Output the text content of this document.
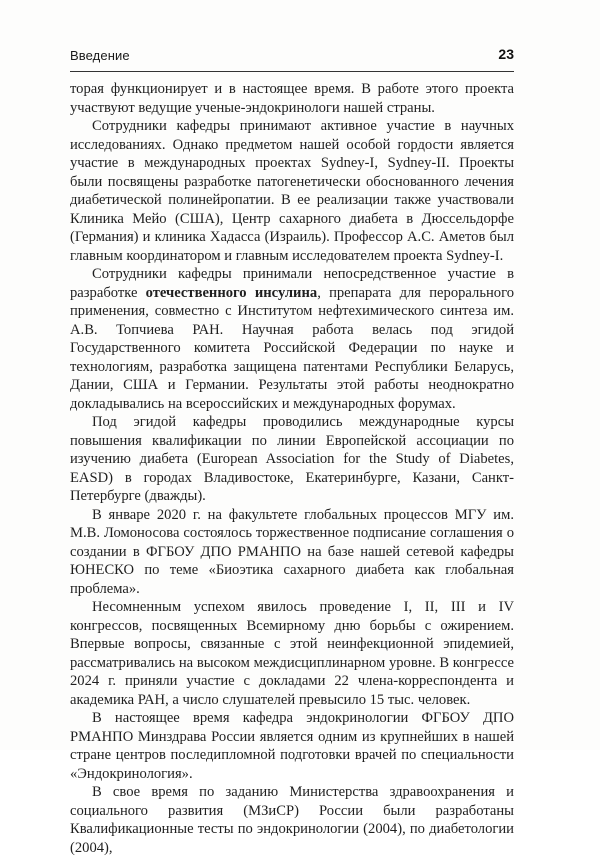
Введение	23

торая функционирует и в настоящее время. В работе этого проекта участвуют ведущие ученые-эндокринологи нашей страны.

Сотрудники кафедры принимают активное участие в научных исследованиях. Однако предметом нашей особой гордости является участие в международных проектах Sydney-I, Sydney-II. Проекты были посвящены разработке патогенетически обоснованного лечения диабетической полинейропатии. В ее реализации также участвовали Клиника Мейо (США), Центр сахарного диабета в Дюссельдорфе (Германия) и клиника Хадасса (Израиль). Профессор А.С. Аметов был главным координатором и главным исследователем проекта Sydney-I.

Сотрудники кафедры принимали непосредственное участие в разработке отечественного инсулина, препарата для перорального применения, совместно с Институтом нефтехимического синтеза им. А.В. Топчиева РАН. Научная работа велась под эгидой Государственного комитета Российской Федерации по науке и технологиям, разработка защищена патентами Республики Беларусь, Дании, США и Германии. Результаты этой работы неоднократно докладывались на всероссийских и международных форумах.

Под эгидой кафедры проводились международные курсы повышения квалификации по линии Европейской ассоциации по изучению диабета (European Association for the Study of Diabetes, EASD) в городах Владивостоке, Екатеринбурге, Казани, Санкт-Петербурге (дважды).

В январе 2020 г. на факультете глобальных процессов МГУ им. М.В. Ломоносова состоялось торжественное подписание соглашения о создании в ФГБОУ ДПО РМАНПО на базе нашей сетевой кафедры ЮНЕСКО по теме «Биоэтика сахарного диабета как глобальная проблема».

Несомненным успехом явилось проведение I, II, III и IV конгрессов, посвященных Всемирному дню борьбы с ожирением. Впервые вопросы, связанные с этой неинфекционной эпидемией, рассматривались на высоком междисциплинарном уровне. В конгрессе 2024 г. приняли участие с докладами 22 члена-корреспондента и академика РАН, а число слушателей превысило 15 тыс. человек.

В настоящее время кафедра эндокринологии ФГБОУ ДПО РМАНПО Минздрава России является одним из крупнейших в нашей стране центров последипломной подготовки врачей по специальности «Эндокринология».

В свое время по заданию Министерства здравоохранения и социального развития (МЗиСР) России были разработаны Квалификационные тесты по эндокринологии (2004), по диабетологии (2004),
